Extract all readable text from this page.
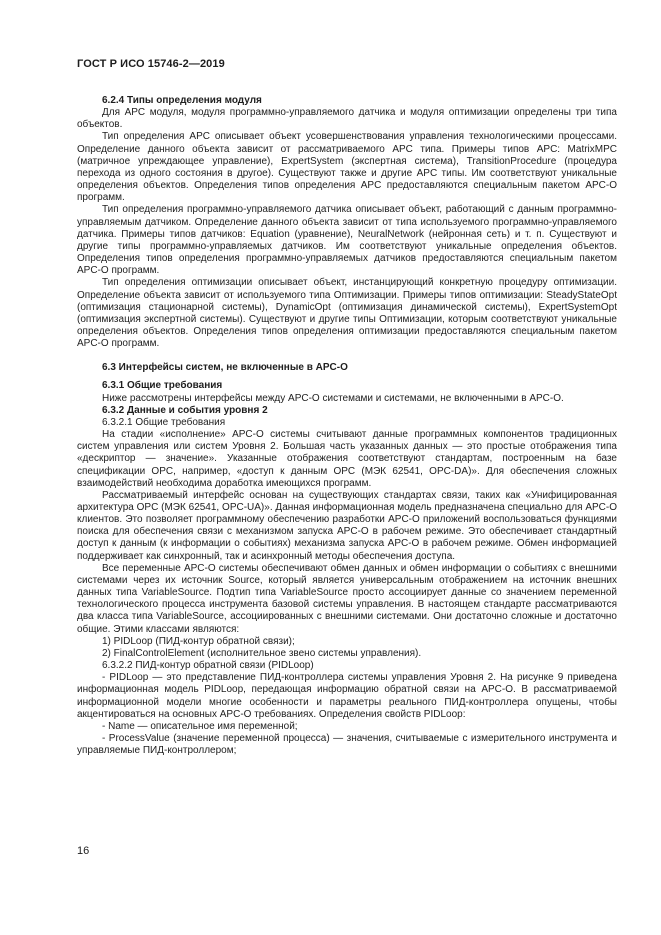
ГОСТ Р ИСО 15746-2—2019

6.2.4 Типы определения модуля

Для APC модуля, модуля программно-управляемого датчика и модуля оптимизации определены три типа объектов.

Тип определения APC описывает объект усовершенствования управления технологическими процессами. Определение данного объекта зависит от рассматриваемого APC типа. Примеры типов APC: MatrixMPC (матричное упреждающее управление), ExpertSystem (экспертная система), TransitionProcedure (процедура перехода из одного состояния в другое). Существуют также и другие APC типы. Им соответствуют уникальные определения объектов. Определения типов определения APC предоставляются специальным пакетом APC-O программ.

Тип определения программно-управляемого датчика описывает объект, работающий с данным программно-управляемым датчиком. Определение данного объекта зависит от типа используемого программно-управляемого датчика. Примеры типов датчиков: Equation (уравнение), NeuralNetwork (нейронная сеть) и т. п. Существуют и другие типы программно-управляемых датчиков. Им соответствуют уникальные определения объектов. Определения типов определения программно-управляемых датчиков предоставляются специальным пакетом APC-O программ.

Тип определения оптимизации описывает объект, инстанцирующий конкретную процедуру оптимизации. Определение объекта зависит от используемого типа Оптимизации. Примеры типов оптимизации: SteadyStateOpt (оптимизация стационарной системы), DynamicOpt (оптимизация динамической системы), ExpertSystemOpt (оптимизация экспертной системы). Существуют и другие типы Оптимизации, которым соответствуют уникальные определения объектов. Определения типов определения оптимизации предоставляются специальным пакетом APC-O программ.

6.3 Интерфейсы систем, не включенные в APC-O

6.3.1 Общие требования

Ниже рассмотрены интерфейсы между APC-O системами и системами, не включенными в APC-O.

6.3.2 Данные и события уровня 2

6.3.2.1 Общие требования

На стадии «исполнение» APC-O системы считывают данные программных компонентов традиционных систем управления или систем Уровня 2. Большая часть указанных данных — это простые отображения типа «дескриптор — значение». Указанные отображения соответствуют стандартам, построенным на базе спецификации OPC, например, «доступ к данным OPC (МЭК 62541, OPC-DA)». Для обеспечения сложных взаимодействий необходима доработка имеющихся программ.

Рассматриваемый интерфейс основан на существующих стандартах связи, таких как «Унифицированная архитектура OPC (МЭК 62541, OPC-UA)». Данная информационная модель предназначена специально для APC-O клиентов. Это позволяет программному обеспечению разработки APC-O приложений воспользоваться функциями поиска для обеспечения связи с механизмом запуска APC-O в рабочем режиме. Это обеспечивает стандартный доступ к данным (к информации о событиях) механизма запуска APC-O в рабочем режиме. Обмен информацией поддерживает как синхронный, так и асинхронный методы обеспечения доступа.

Все переменные APC-O системы обеспечивают обмен данных и обмен информации о событиях с внешними системами через их источник Source, который является универсальным отображением на источник внешних данных типа VariableSource. Подтип типа VariableSource просто ассоциирует данные со значением переменной технологического процесса инструмента базовой системы управления. В настоящем стандарте рассматриваются два класса типа VariableSource, ассоциированных с внешними системами. Они достаточно сложные и достаточно общие. Этими классами являются:

1) PIDLoop (ПИД-контур обратной связи);

2) FinalControlElement (исполнительное звено системы управления).

6.3.2.2 ПИД-контур обратной связи (PIDLoop)

- PIDLoop — это представление ПИД-контроллера системы управления Уровня 2. На рисунке 9 приведена информационная модель PIDLoop, передающая информацию обратной связи на APC-O. В рассматриваемой информационной модели многие особенности и параметры реального ПИД-контроллера опущены, чтобы акцентироваться на основных APC-O требованиях. Определения свойств PIDLoop:

- Name — описательное имя переменной;

- ProcessValue (значение переменной процесса) — значения, считываемые с измерительного инструмента и управляемые ПИД-контроллером;

16
